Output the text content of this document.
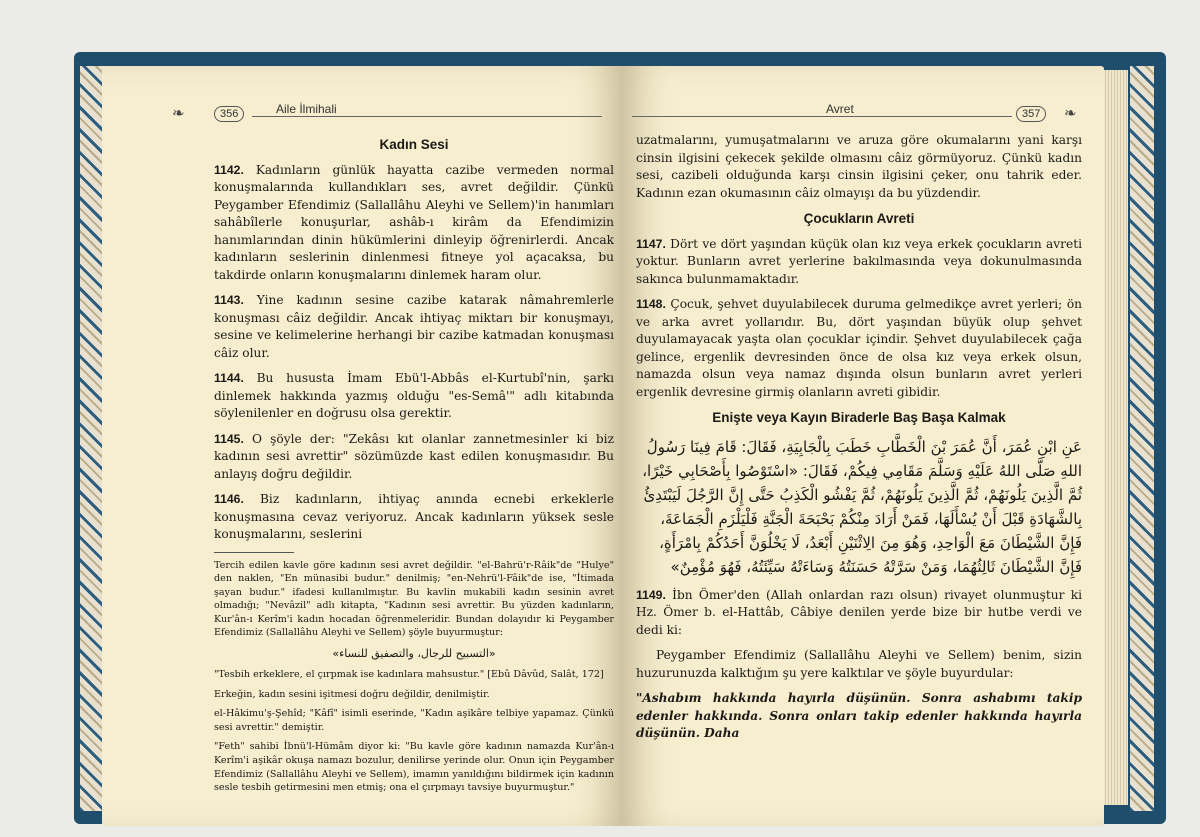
❧	356	Aile İlmihali
Kadın Sesi

1142. Kadınların günlük hayatta cazibe vermeden normal konuşmalarında kullandıkları ses, avret değildir. Çünkü Peygamber Efendimiz (Sallallâhu Aleyhi ve Sellem)'in hanımları sahâbîlerle konuşurlar, ashâb-ı kirâm da Efendimizin hanımlarından dinin hükümlerini dinleyip öğrenirlerdi. Ancak kadınların seslerinin dinlenmesi fitneye yol açacaksa, bu takdirde onların konuşmalarını dinlemek haram olur.

1143. Yine kadının sesine cazibe katarak nâmahremlerle konuşması câiz değildir. Ancak ihtiyaç miktarı bir konuşmayı, sesine ve kelimelerine herhangi bir cazibe katmadan konuşması câiz olur.

1144. Bu hususta İmam Ebü'l-Abbâs el-Kurtubî'nin, şarkı dinlemek hakkında yazmış olduğu "es-Semâ'" adlı kitabında söylenilenler en doğrusu olsa gerektir.

1145. O şöyle der: "Zekâsı kıt olanlar zannetmesinler ki biz kadının sesi avrettir" sözümüzde kast edilen konuşmasıdır. Bu anlayış doğru değildir.

1146. Biz kadınların, ihtiyaç anında ecnebi erkeklerle konuşmasına cevaz veriyoruz. Ancak kadınların yüksek sesle konuşmalarını, seslerini

Tercih edilen kavle göre kadının sesi avret değildir. "el-Bahrü'r-Râik"de "Hulye" den naklen, "En münasibi budur." denilmiş; "en-Nehrü'l-Fâik"de ise, "İtimada şayan budur." ifadesi kullanılmıştır. Bu kavlin mukabili kadın sesinin avret olmadığı; "Nevâzil" adlı kitapta, "Kadının sesi avrettir. Bu yüzden kadınların, Kur'ân-ı Kerîm'i kadın hocadan öğrenmeleridir. Bundan dolayıdır ki Peygamber Efendimiz (Sallallâhu Aleyhi ve Sellem) şöyle buyurmuştur:

«التسبيح للرجال، والتصفيق للنساء»

"Tesbih erkeklere, el çırpmak ise kadınlara mahsustur." [Ebû Dâvûd, Salât, 172]

Erkeğin, kadın sesini işitmesi doğru değildir, denilmiştir.

el-Hâkimu'ş-Şehîd; "Kâfî" isimli eserinde, "Kadın aşikâre telbiye yapamaz. Çünkü sesi avrettir." demiştir.

"Feth" sahibi İbnü'l-Hümâm diyor ki: "Bu kavle göre kadının namazda Kur'ân-ı Kerîm'i aşikâr okuşa namazı bozulur, denilirse yerinde olur. Onun için Peygamber Efendimiz (Sallallâhu Aleyhi ve Sellem), imamın yanıldığını bildirmek için kadının sesle tesbih getirmesini men etmiş; ona el çırpmayı tavsiye buyurmuştur."

Avret	357	❧

uzatmalarını, yumuşatmalarını ve aruza göre okumalarını yani karşı cinsin ilgisini çekecek şekilde olmasını câiz görmüyoruz. Çünkü kadın sesi, cazibeli olduğunda karşı cinsin ilgisini çeker, onu tahrik eder. Kadının ezan okumasının câiz olmayışı da bu yüzdendir.

Çocukların Avreti

1147. Dört ve dört yaşından küçük olan kız veya erkek çocukların avreti yoktur. Bunların avret yerlerine bakılmasında veya dokunulmasında sakınca bulunmamaktadır.

1148. Çocuk, şehvet duyulabilecek duruma gelmedikçe avret yerleri; ön ve arka avret yollarıdır. Bu, dört yaşından büyük olup şehvet duyulamayacak yaşta olan çocuklar içindir. Şehvet duyulabilecek çağa gelince, ergenlik devresinden önce de olsa kız veya erkek olsun, namazda olsun veya namaz dışında olsun bunların avret yerleri ergenlik devresine girmiş olanların avreti gibidir.

Enişte veya Kayın Biraderle Baş Başa Kalmak

عَنِ ابْنِ عُمَرَ، أَنَّ عُمَرَ بْنَ الْخَطَّابِ خَطَبَ بِالْجَابِيَةِ، فَقَالَ: قَامَ فِينَا رَسُولُ اللهِ صَلَّى اللهُ عَلَيْهِ وَسَلَّمَ مَقَامِي فِيكُمْ، فَقَالَ: «اسْتَوْصُوا بِأَصْحَابِي خَيْرًا، ثُمَّ الَّذِينَ يَلُونَهُمْ، ثُمَّ الَّذِينَ يَلُونَهُمْ، ثُمَّ يَفْشُو الْكَذِبُ حَتَّى إِنَّ الرَّجُلَ لَيَبْتَدِئُ بِالشَّهَادَةِ قَبْلَ أَنْ يُسْأَلَهَا، فَمَنْ أَرَادَ مِنْكُمْ بَحْبَحَةَ الْجَنَّةِ فَلْيَلْزَمِ الْجَمَاعَةَ، فَإِنَّ الشَّيْطَانَ مَعَ الْوَاحِدِ، وَهُوَ مِنَ الِاثْنَيْنِ أَبْعَدُ، لَا يَخْلُوَنَّ أَحَدُكُمْ بِامْرَأَةٍ، فَإِنَّ الشَّيْطَانَ ثَالِثُهُمَا، وَمَنْ سَرَّتْهُ حَسَنَتُهُ وَسَاءَتْهُ سَيِّئَتُهُ، فَهُوَ مُؤْمِنٌ»

1149. İbn Ömer'den (Allah onlardan razı olsun) rivayet olunmuştur ki Hz. Ömer b. el-Hattâb, Câbiye denilen yerde bize bir hutbe verdi ve dedi ki:

Peygamber Efendimiz (Sallallâhu Aleyhi ve Sellem) benim, sizin huzurunuzda kalktığım şu yere kalktılar ve şöyle buyurdular:

"Ashabım hakkında hayırla düşünün. Sonra ashabımı takip edenler hakkında. Sonra onları takip edenler hakkında hayırla düşünün. Daha
